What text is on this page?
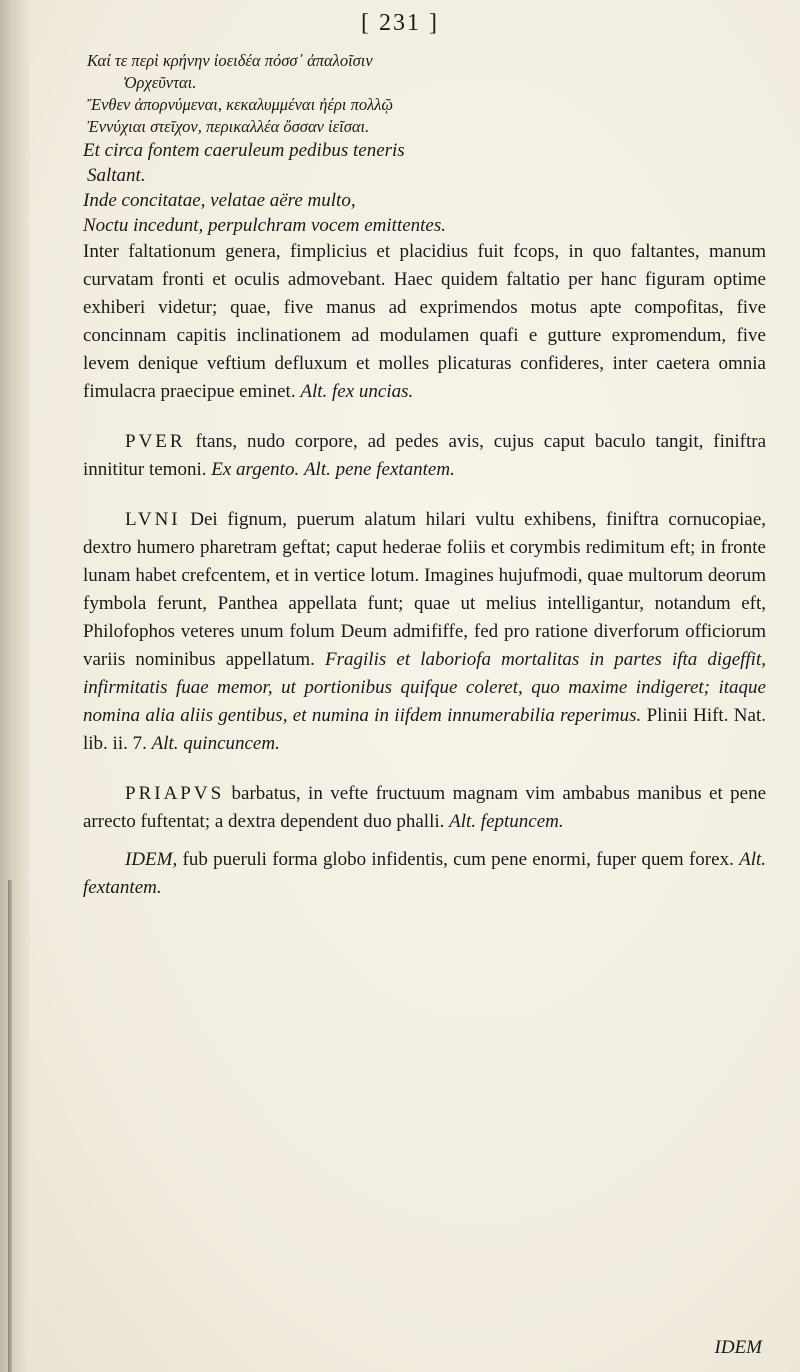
[ 231 ]

Καί τε περὶ κρήνην ἰοειδέα πόσσ᾽ ἀπαλοῖσιν

Ὀρχεῦνται.

Ἔνθεν ἀπορνύμεναι, κεκαλυμμέναι ἠέρι πολλῷ

Ἐννύχιαι στεῖχον, περικαλλέα ὄσσαν ἱεῖσαι.

Et circa fontem caeruleum pedibus teneris

Saltant.

Inde concitatae, velatae aëre multo,

Noctu incedunt, perpulchram vocem emittentes.

Inter faltationum genera, fimplicius et placidius fuit fcops, in quo faltantes, manum curvatam fronti et oculis admovebant. Haec quidem faltatio per hanc figuram optime exhiberi videtur; quae, five manus ad exprimendos motus apte compofitas, five concinnam capitis inclinationem ad modulamen quafi e gutture expromendum, five levem denique veftium defluxum et molles plicaturas confideres, inter caetera omnia fimulacra praecipue eminet. Alt. fex uncias.

PVER ftans, nudo corpore, ad pedes avis, cujus caput baculo tangit, finiftra innititur temoni. Ex argento. Alt. pene fextantem.

LVNI Dei fignum, puerum alatum hilari vultu exhibens, finiftra cornucopiae, dextro humero pharetram geftat; caput hederae foliis et corymbis redimitum eft; in fronte lunam habet crefcentem, et in vertice lotum. Imagines hujufmodi, quae multorum deorum fymbola ferunt, Panthea appellata funt; quae ut melius intelligantur, notandum eft, Philofophos veteres unum folum Deum admififfe, fed pro ratione diverforum officiorum variis nominibus appellatum. Fragilis et laboriofa mortalitas in partes ifta digeffit, infirmitatis fuae memor, ut portionibus quifque coleret, quo maxime indigeret; itaque nomina alia aliis gentibus, et numina in iifdem innumerabilia reperimus. Plinii Hift. Nat. lib. ii. 7. Alt. quincuncem.

PRIAPVS barbatus, in vefte fructuum magnam vim ambabus manibus et pene arrecto fuftentat; a dextra dependent duo phalli. Alt. feptuncem.

IDEM, fub pueruli forma globo infidentis, cum pene enormi, fuper quem forex. Alt. fextantem.

IDEM
